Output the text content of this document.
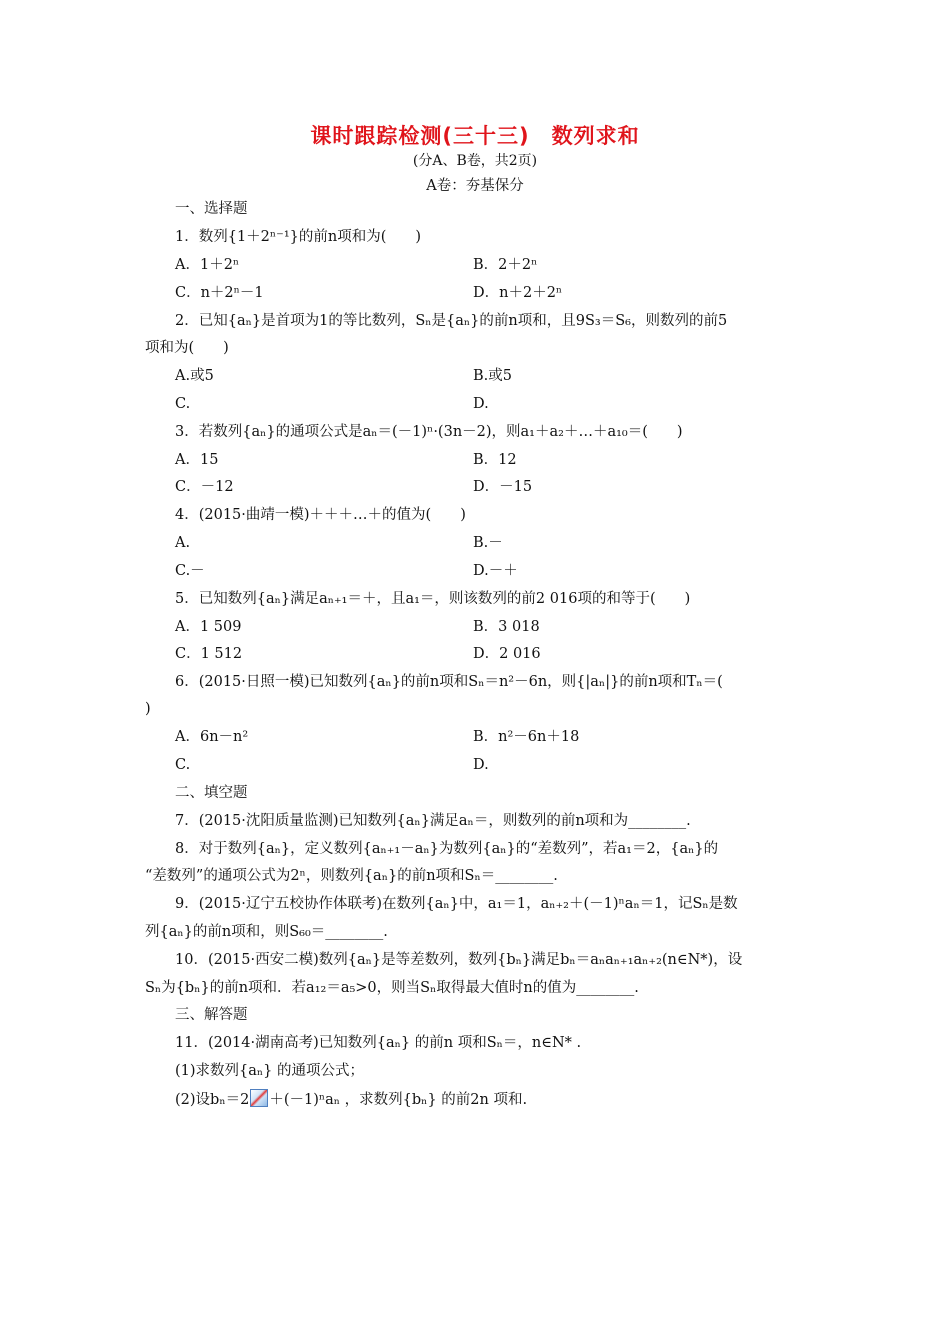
课时跟踪检测(三十三)　数列求和
(分A、B卷，共2页)
A卷：夯基保分
一、选择题
1．数列{1＋2ⁿ⁻¹}的前n项和为(　　)
A．1＋2ⁿ	B．2＋2ⁿ
C．n＋2ⁿ－1	D．n＋2＋2ⁿ
2．已知{aₙ}是首项为1的等比数列，Sₙ是{aₙ}的前n项和，且9S₃＝S₆，则数列的前5
项和为(　　)
A.或5	B.或5
C.	D.
3．若数列{aₙ}的通项公式是aₙ＝(－1)ⁿ·(3n－2)，则a₁＋a₂＋…＋a₁₀＝(　　)
A．15	B．12
C．－12	D．－15
4．(2015·曲靖一模)＋＋＋…＋的值为(　　)
A.	B.－
C.－	D.－＋
5．已知数列{aₙ}满足aₙ₊₁＝＋，且a₁＝，则该数列的前2 016项的和等于(　　)
A．1 509	B．3 018
C．1 512	D．2 016
6．(2015·日照一模)已知数列{aₙ}的前n项和Sₙ＝n²－6n，则{|aₙ|}的前n项和Tₙ＝(
)
A．6n－n²	B．n²－6n＋18
C.	D.
二、填空题
7．(2015·沈阳质量监测)已知数列{aₙ}满足aₙ＝，则数列的前n项和为________.
8．对于数列{aₙ}，定义数列{aₙ₊₁－aₙ}为数列{aₙ}的“差数列”，若a₁＝2，{aₙ}的
“差数列”的通项公式为2ⁿ，则数列{aₙ}的前n项和Sₙ＝________.
9．(2015·辽宁五校协作体联考)在数列{aₙ}中，a₁＝1，aₙ₊₂＋(－1)ⁿaₙ＝1，记Sₙ是数
列{aₙ}的前n项和，则S₆₀＝________.
10．(2015·西安二模)数列{aₙ}是等差数列，数列{bₙ}满足bₙ＝aₙaₙ₊₁aₙ₊₂(n∈N*)，设
Sₙ为{bₙ}的前n项和．若a₁₂＝a₅>0，则当Sₙ取得最大值时n的值为________.
三、解答题
11．(2014·湖南高考)已知数列{aₙ} 的前n 项和Sₙ＝，n∈N* .
(1)求数列{aₙ} 的通项公式；
(2)设bₙ＝2 ＋(－1)ⁿaₙ ，求数列{bₙ} 的前2n 项和.
